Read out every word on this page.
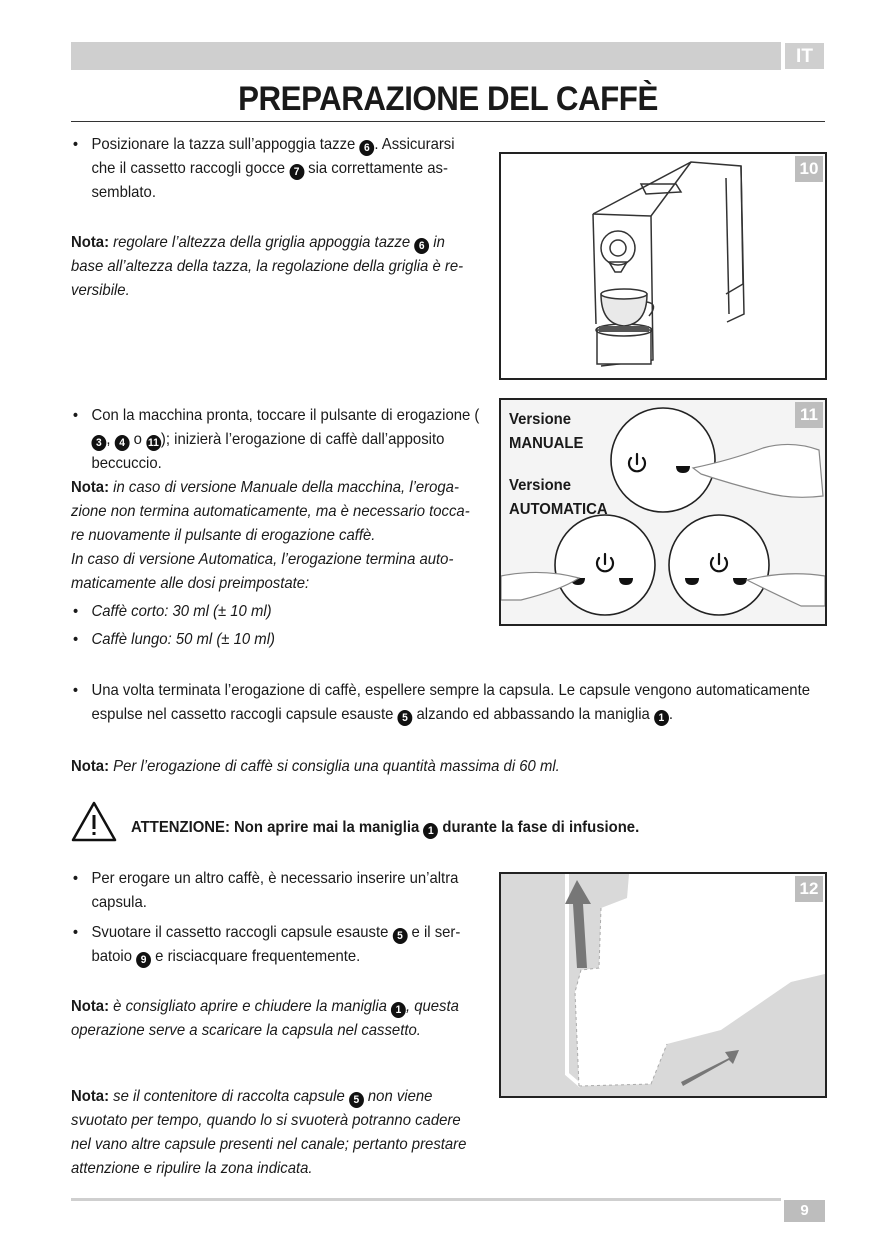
IT
PREPARAZIONE DEL CAFFÈ

• Posizionare la tazza sull’appoggia tazze 6 . Assicurarsi che il cassetto raccogli gocce 7 sia correttamente as-semblato.

Nota: regolare l’altezza della griglia appoggia tazze 6 in base all’altezza della tazza, la regolazione della griglia è re-versibile.

10

• Con la macchina pronta, toccare il pulsante di erogazione (3 , 4 o 11 ); inizierà l’erogazione di caffè dall’apposito beccuccio.

Nota: in caso di versione Manuale della macchina, l’eroga-zione non termina automaticamente, ma è necessario tocca-re nuovamente il pulsante di erogazione caffè.

In caso di versione Automatica, l’erogazione termina auto-maticamente alle dosi preimpostate:

• Caffè corto: 30 ml (± 10 ml)

• Caffè lungo: 50 ml (± 10 ml)

11
Versione
MANUALE
Versione
AUTOMATICA

• Una volta terminata l’erogazione di caffè, espellere sempre la capsula. Le capsule vengono automaticamente espulse nel cassetto raccogli capsule esauste 5 alzando ed abbassando la maniglia 1 .

Nota: Per l’erogazione di caffè si consiglia una quantità massima di 60 ml.

ATTENZIONE: Non aprire mai la maniglia 1 durante la fase di infusione.

• Per erogare un altro caffè, è necessario inserire un’altra capsula.

• Svuotare il cassetto raccogli capsule esauste 5 e il ser-batoio 9 e risciacquare frequentemente.

Nota: è consigliato aprire e chiudere la maniglia 1 , questa operazione serve a scaricare la capsula nel cassetto.

Nota: se il contenitore di raccolta capsule 5 non viene svuotato per tempo, quando lo si svuoterà potranno cadere nel vano altre capsule presenti nel canale; pertanto prestare attenzione e ripulire la zona indicata.

12
9
